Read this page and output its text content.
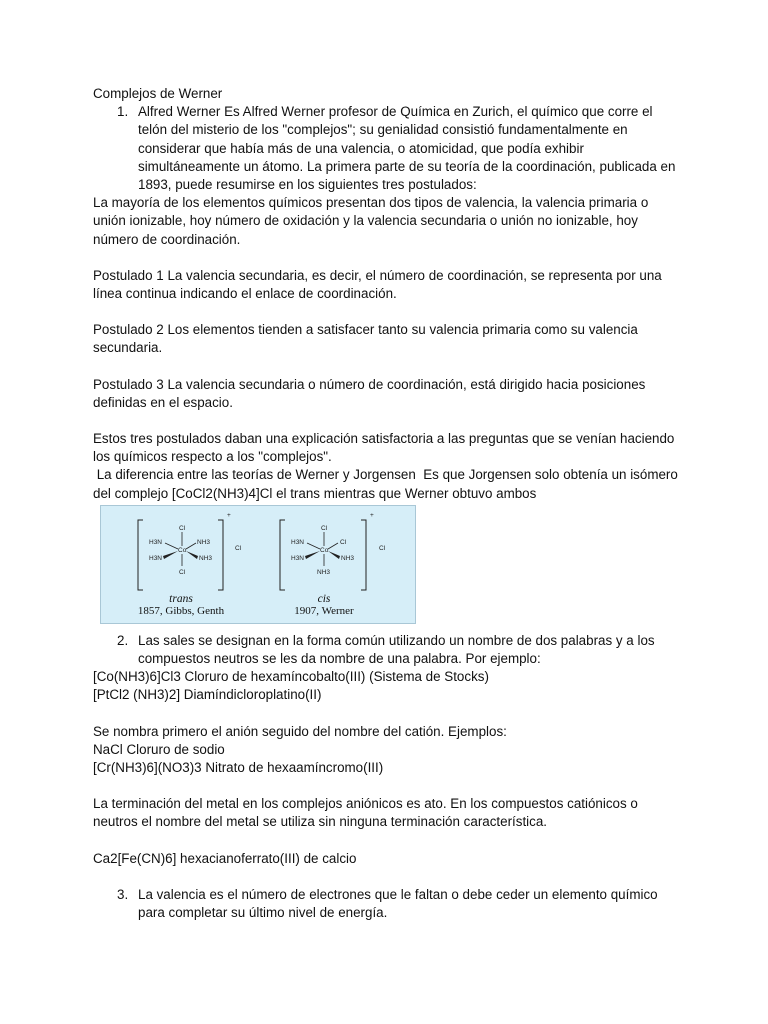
Complejos de Werner

1. Alfred Werner Es Alfred Werner profesor de Química en Zurich, el químico que corre el telón del misterio de los "complejos"; su genialidad consistió fundamentalmente en considerar que había más de una valencia, o atomicidad, que podía exhibir simultáneamente un átomo. La primera parte de su teoría de la coordinación, publicada en 1893, puede resumirse en los siguientes tres postulados:

La mayoría de los elementos químicos presentan dos tipos de valencia, la valencia primaria o unión ionizable, hoy número de oxidación y la valencia secundaria o unión no ionizable, hoy número de coordinación.

Postulado 1 La valencia secundaria, es decir, el número de coordinación, se representa por una línea continua indicando el enlace de coordinación.

Postulado 2 Los elementos tienden a satisfacer tanto su valencia primaria como su valencia secundaria.

Postulado 3 La valencia secundaria o número de coordinación, está dirigido hacia posiciones definidas en el espacio.

Estos tres postulados daban una explicación satisfactoria a las preguntas que se venían haciendo los químicos respecto a los "complejos".

La diferencia entre las teorías de Werner y Jorgensen  Es que Jorgensen solo obtenía un isómero del complejo [CoCl2(NH3)4]Cl el trans mientras que Werner obtuvo ambos

+
Cl
Cl
H3N	NH3
Co
H3N	NH3
Cl
trans
1857, Gibbs, Genth
+
Cl
Cl
H3N	Cl
Co
H3N	NH3
NH3
cis
1907, Werner
2. Las sales se designan en la forma común utilizando un nombre de dos palabras y a los compuestos neutros se les da nombre de una palabra. Por ejemplo:

[Co(NH3)6]Cl3 Cloruro de hexamíncobalto(III) (Sistema de Stocks)

[PtCl2 (NH3)2] Diamíndicloroplatino(II)

Se nombra primero el anión seguido del nombre del catión. Ejemplos:

NaCl Cloruro de sodio

[Cr(NH3)6](NO3)3 Nitrato de hexaamíncromo(III)

La terminación del metal en los complejos aniónicos es ato. En los compuestos catiónicos o neutros el nombre del metal se utiliza sin ninguna terminación característica.

Ca2[Fe(CN)6] hexacianoferrato(III) de calcio

3. La valencia es el número de electrones que le faltan o debe ceder un elemento químico para completar su último nivel de energía.
